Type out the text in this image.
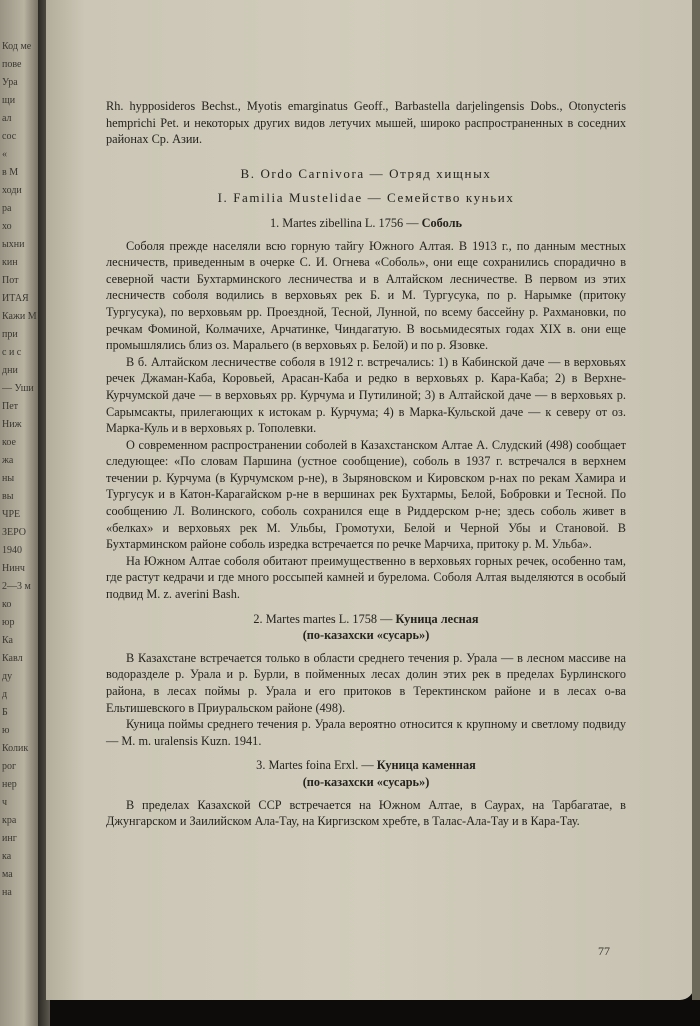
Код ме
пове
Ура
щи
ал
сос
«
в М
ходи
ра
хо
ыхни
кин
Пот
ИТАЯ
Кажи М
при
с и с
дни
— Уши
Пет
Ниж
кое
жа
ны
вы
ЧРЕ
ЗЕРО
1940
Нинч
2—3 м
ко
юр
Ка
Кавл
ду
д
Б
ю
Колик
рог
нер
ч
кра
инг
ка
ма
на

Rh. hypposideros Bechst., Myotis emarginatus Geoff., Barbastella darjelingensis Dobs., Otonycteris hemprichi Pet. и некоторых других видов летучих мышей, широко распространенных в соседних районах Ср. Азии.

В. Ordo Carnivora — Отряд хищных

I. Familia Mustelidae — Семейство куньих

1. Martes zibellina L. 1756 — Соболь

Соболя прежде населяли всю горную тайгу Южного Алтая. В 1913 г., по данным местных лесничеств, приведенным в очерке С. И. Огнева «Соболь», они еще сохранились спорадично в северной части Бухтарминского лесничества и в Алтайском лесничестве. В первом из этих лесничеств соболя водились в верховьях рек Б. и М. Тургусука, по р. Нарымке (притоку Тургусука), по верховьям рр. Проездной, Тесной, Лунной, по всему бассейну р. Рахмановки, по речкам Фоминой, Колмачихе, Арчатинке, Чиндагатую. В восьмидесятых годах XIX в. они еще промышлялись близ оз. Маральего (в верховьях р. Белой) и по р. Язовке.

В б. Алтайском лесничестве соболя в 1912 г. встречались: 1) в Кабинской даче — в верховьях речек Джаман-Каба, Коровьей, Арасан-Каба и редко в верховьях р. Кара-Каба; 2) в Верхне-Курчумской даче — в верховьях рр. Курчума и Путилиной; 3) в Алтайской даче — в верховьях р. Сарымсакты, прилегающих к истокам р. Курчума; 4) в Марка-Кульской даче — к северу от оз. Марка-Куль и в верховьях р. Тополевки.

О современном распространении соболей в Казахстанском Алтае А. Слудский (498) сообщает следующее: «По словам Паршина (устное сообщение), соболь в 1937 г. встречался в верхнем течении р. Курчума (в Курчумском р-не), в Зыряновском и Кировском р-нах по рекам Хамира и Тургусук и в Катон-Карагайском р-не в вершинах рек Бухтармы, Белой, Бобровки и Тесной. По сообщению Л. Волинского, соболь сохранился еще в Риддерском р-не; здесь соболь живет в «белках» и верховьях рек М. Ульбы, Громотухи, Белой и Черной Убы и Становой. В Бухтарминском районе соболь изредка встречается по речке Марчиха, притоку р. М. Ульба».

На Южном Алтае соболя обитают преимущественно в верховьях горных речек, особенно там, где растут кедрачи и где много россыпей камней и бурелома. Соболя Алтая выделяются в особый подвид M. z. averini Bash.

2. Martes martes L. 1758 — Куница лесная

(по-казахски «сусарь»)

В Казахстане встречается только в области среднего течения р. Урала — в лесном массиве на водоразделе р. Урала и р. Бурли, в пойменных лесах долин этих рек в пределах Бурлинского района, в лесах поймы р. Урала и его притоков в Теректинском районе и в лесах о-ва Ельтишевского в Приуральском районе (498).

Куница поймы среднего течения р. Урала вероятно относится к крупному и светлому подвиду — M. m. uralensis Kuzn. 1941.

3. Martes foina Erxl. — Куница каменная

(по-казахски «сусарь»)

В пределах Казахской ССР встречается на Южном Алтае, в Саурах, на Тарбагатае, в Джунгарском и Заилийском Ала-Тау, на Киргизском хребте, в Талас-Ала-Тау и в Кара-Тау.

77
